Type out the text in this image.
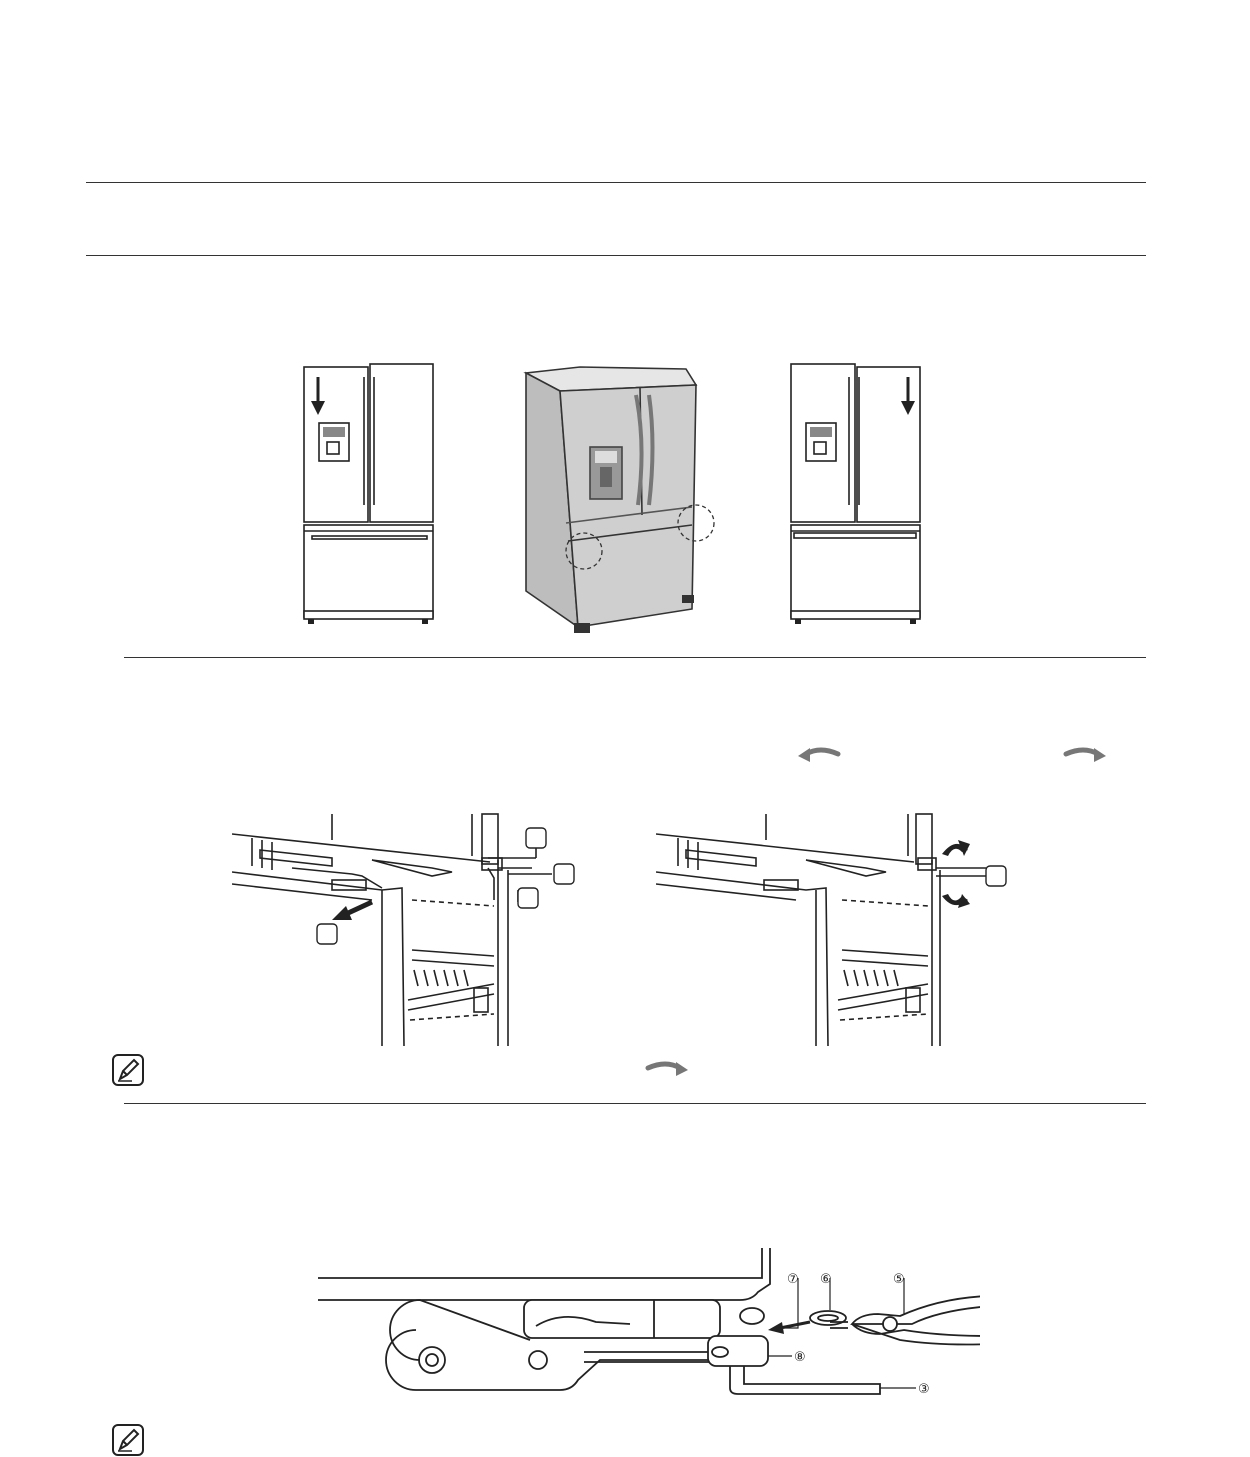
⑦ ⑥	⑤
⑧
③
